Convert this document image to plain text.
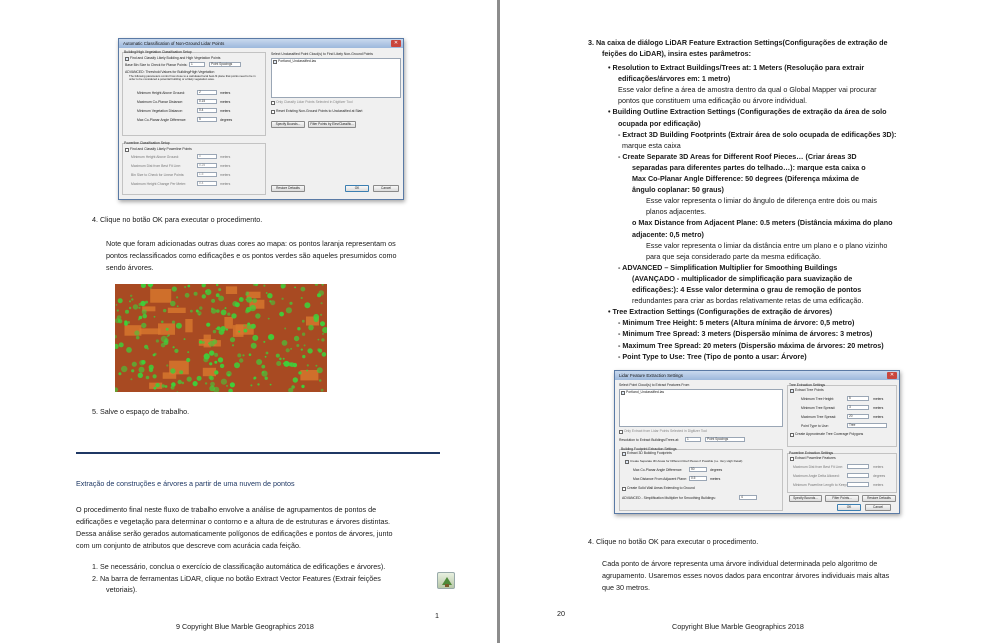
Automatic Classification of Non-Ground Lidar Points	✕
Building/High Vegetation Classification Setup
Find and Classify Likely Building and High Vegetation Points
Base Bin Size to Check for Planar Points:	1	Point Spacings
ADVANCED: Threshold Values for Building/High Vegetation
The following parameters control how close to a calculated local best-fit plane that points need to be in order to be considered a potential building or a likely vegetation area.
Minimum Height Above Ground:	2	meters
Maximum Co-Planar Distance:	0.15	meters
Minimum Vegetation Distance:	0.4	meters
Max Co-Planar Angle Difference:	5	degrees
Powerline Classification Setup
Find and Classify Likely Powerline Points
Minimum Height Above Ground:	0	meters
Maximum Dist from Best Fit Line:	0.25	meters
Bin Size to Check for Linear Points:	1.5	meters
Maximum Height Change Per Meter:	0.4	meters
Select Unclassified Point Cloud(s) to Find Likely Non-Ground Points
Portland_Unclassified.las
Only Classify Lidar Points Selected in Digitizer Tool
Reset Existing Non-Ground Points to Unclassified at Start
Specify Bounds...	Filter Points by Elev/Classific...
Restore Defaults	OK	Cancel
4. Clique no botão OK para executar o procedimento.
Note que foram adicionadas outras duas cores ao mapa: os pontos laranja representam os
pontos reclassificados como edificações e os pontos verdes são aqueles presumidos como
sendo árvores.
5. Salve o espaço de trabalho.
Extração de construções e árvores a partir de uma nuvem de pontos
O procedimento final neste fluxo de trabalho envolve a análise de agrupamentos de pontos de
edificações e vegetação para determinar o contorno e a altura de de estruturas e árvores distintas.
Dessa análise serão gerados automaticamente polígonos de edificações e pontos de árvores, junto
com um conjunto de atributos que descreve com acurácia cada feição.
1. Se necessário, conclua o exercício de classificação automática de edificações e árvores).
2. Na barra de ferramentas LiDAR, clique no botão Extract Vector Features (Extrair feições
vetoriais).
1
9 Copyright Blue Marble Geographics 2018
3. Na caixa de diálogo LiDAR Feature Extraction Settings(Configurações de extração de
feições do LiDAR), insira estes parâmetros:
• Resolution to Extract Buildings/Trees at: 1 Meters (Resolução para extrair
edificações/árvores em: 1 metro)
Esse valor define a área de amostra dentro da qual o Global Mapper vai procurar
pontos que constituem uma edificação ou árvore individual.
• Building Outline Extraction Settings (Configurações de extração da área de solo
ocupada por edificação)
- Extract 3D Building Footprints (Extrair área de solo ocupada de edificações 3D):
marque esta caixa
- Create Separate 3D Areas for Different Roof Pieces… (Criar áreas 3D
separadas para diferentes partes do telhado…): marque esta caixa o
Max Co-Planar Angle Difference: 50 degrees (Diferença máxima de
ângulo coplanar: 50 graus)
Esse valor representa o limiar do ângulo de diferença entre dois ou mais
planos adjacentes.
o Max Distance from Adjacent Plane: 0.5 meters (Distância máxima do plano
adjacente: 0,5 metro)
Esse valor representa o limiar da distância entre um plano e o plano vizinho
para que seja considerado parte da mesma edificação.
- ADVANCED – Simplification Multiplier for Smoothing Buildings
(AVANÇADO - multiplicador de simplificação para suavização de
edificações:): 4 Esse valor determina o grau de remoção de pontos
redundantes para criar as bordas relativamente retas de uma edificação.
• Tree Extraction Settings (Configurações de extração de árvores)
- Minimum Tree Height: 5 meters (Altura mínima de árvore: 0,5 metro)
- Minimum Tree Spread: 3 meters (Dispersão mínima de árvores: 3 metros)
- Maximum Tree Spread: 20 meters (Dispersão máxima de árvores: 20 metros)
- Point Type to Use: Tree (Tipo de ponto a usar: Árvore)
Lidar Feature Extraction Settings	✕
Select Point Cloud(s) to Extract Features From
Portland_Unclassified.las
Only Extract from Lidar Points Selected in Digitizer Tool
Resolution to Extract Buildings/Trees at:	1	Point Spacings
Building Footprint Extraction Settings
Extract 3D Building Footprints
Create Separate 3D Areas for Different Roof Pieces if Possible (i.e. Very High Detail)
Max Co-Planar Angle Difference:	50	degrees
Max Distance From Adjacent Plane:	0.5	meters
Create Solid Wall Areas Extending to Ground
ADVANCED - Simplification Multiplier for Smoothing Buildings:	4
Tree Extraction Settings
Extract Tree Points
Minimum Tree Height:	5	meters
Minimum Tree Spread:	3	meters
Maximum Tree Spread:	20	meters
Point Type to Use:	Tree
Create Approximate Tree Coverage Polygons
Powerline Extraction Settings
Extract Powerline Features
Maximum Dist from Best Fit Line:	meters
Maximum Angle Delta Allowed:	degrees
Minimum Powerline Length to Keep:	meters
Specify Bounds...	Filter Points...	Restore Defaults
OK	Cancel
4. Clique no botão OK para executar o procedimento.
Cada ponto de árvore representa uma árvore individual determinada pelo algoritmo de
agrupamento. Usaremos esses novos dados para encontrar árvores individuais mais altas
que 30 metros.
20
Copyright Blue Marble Geographics 2018
